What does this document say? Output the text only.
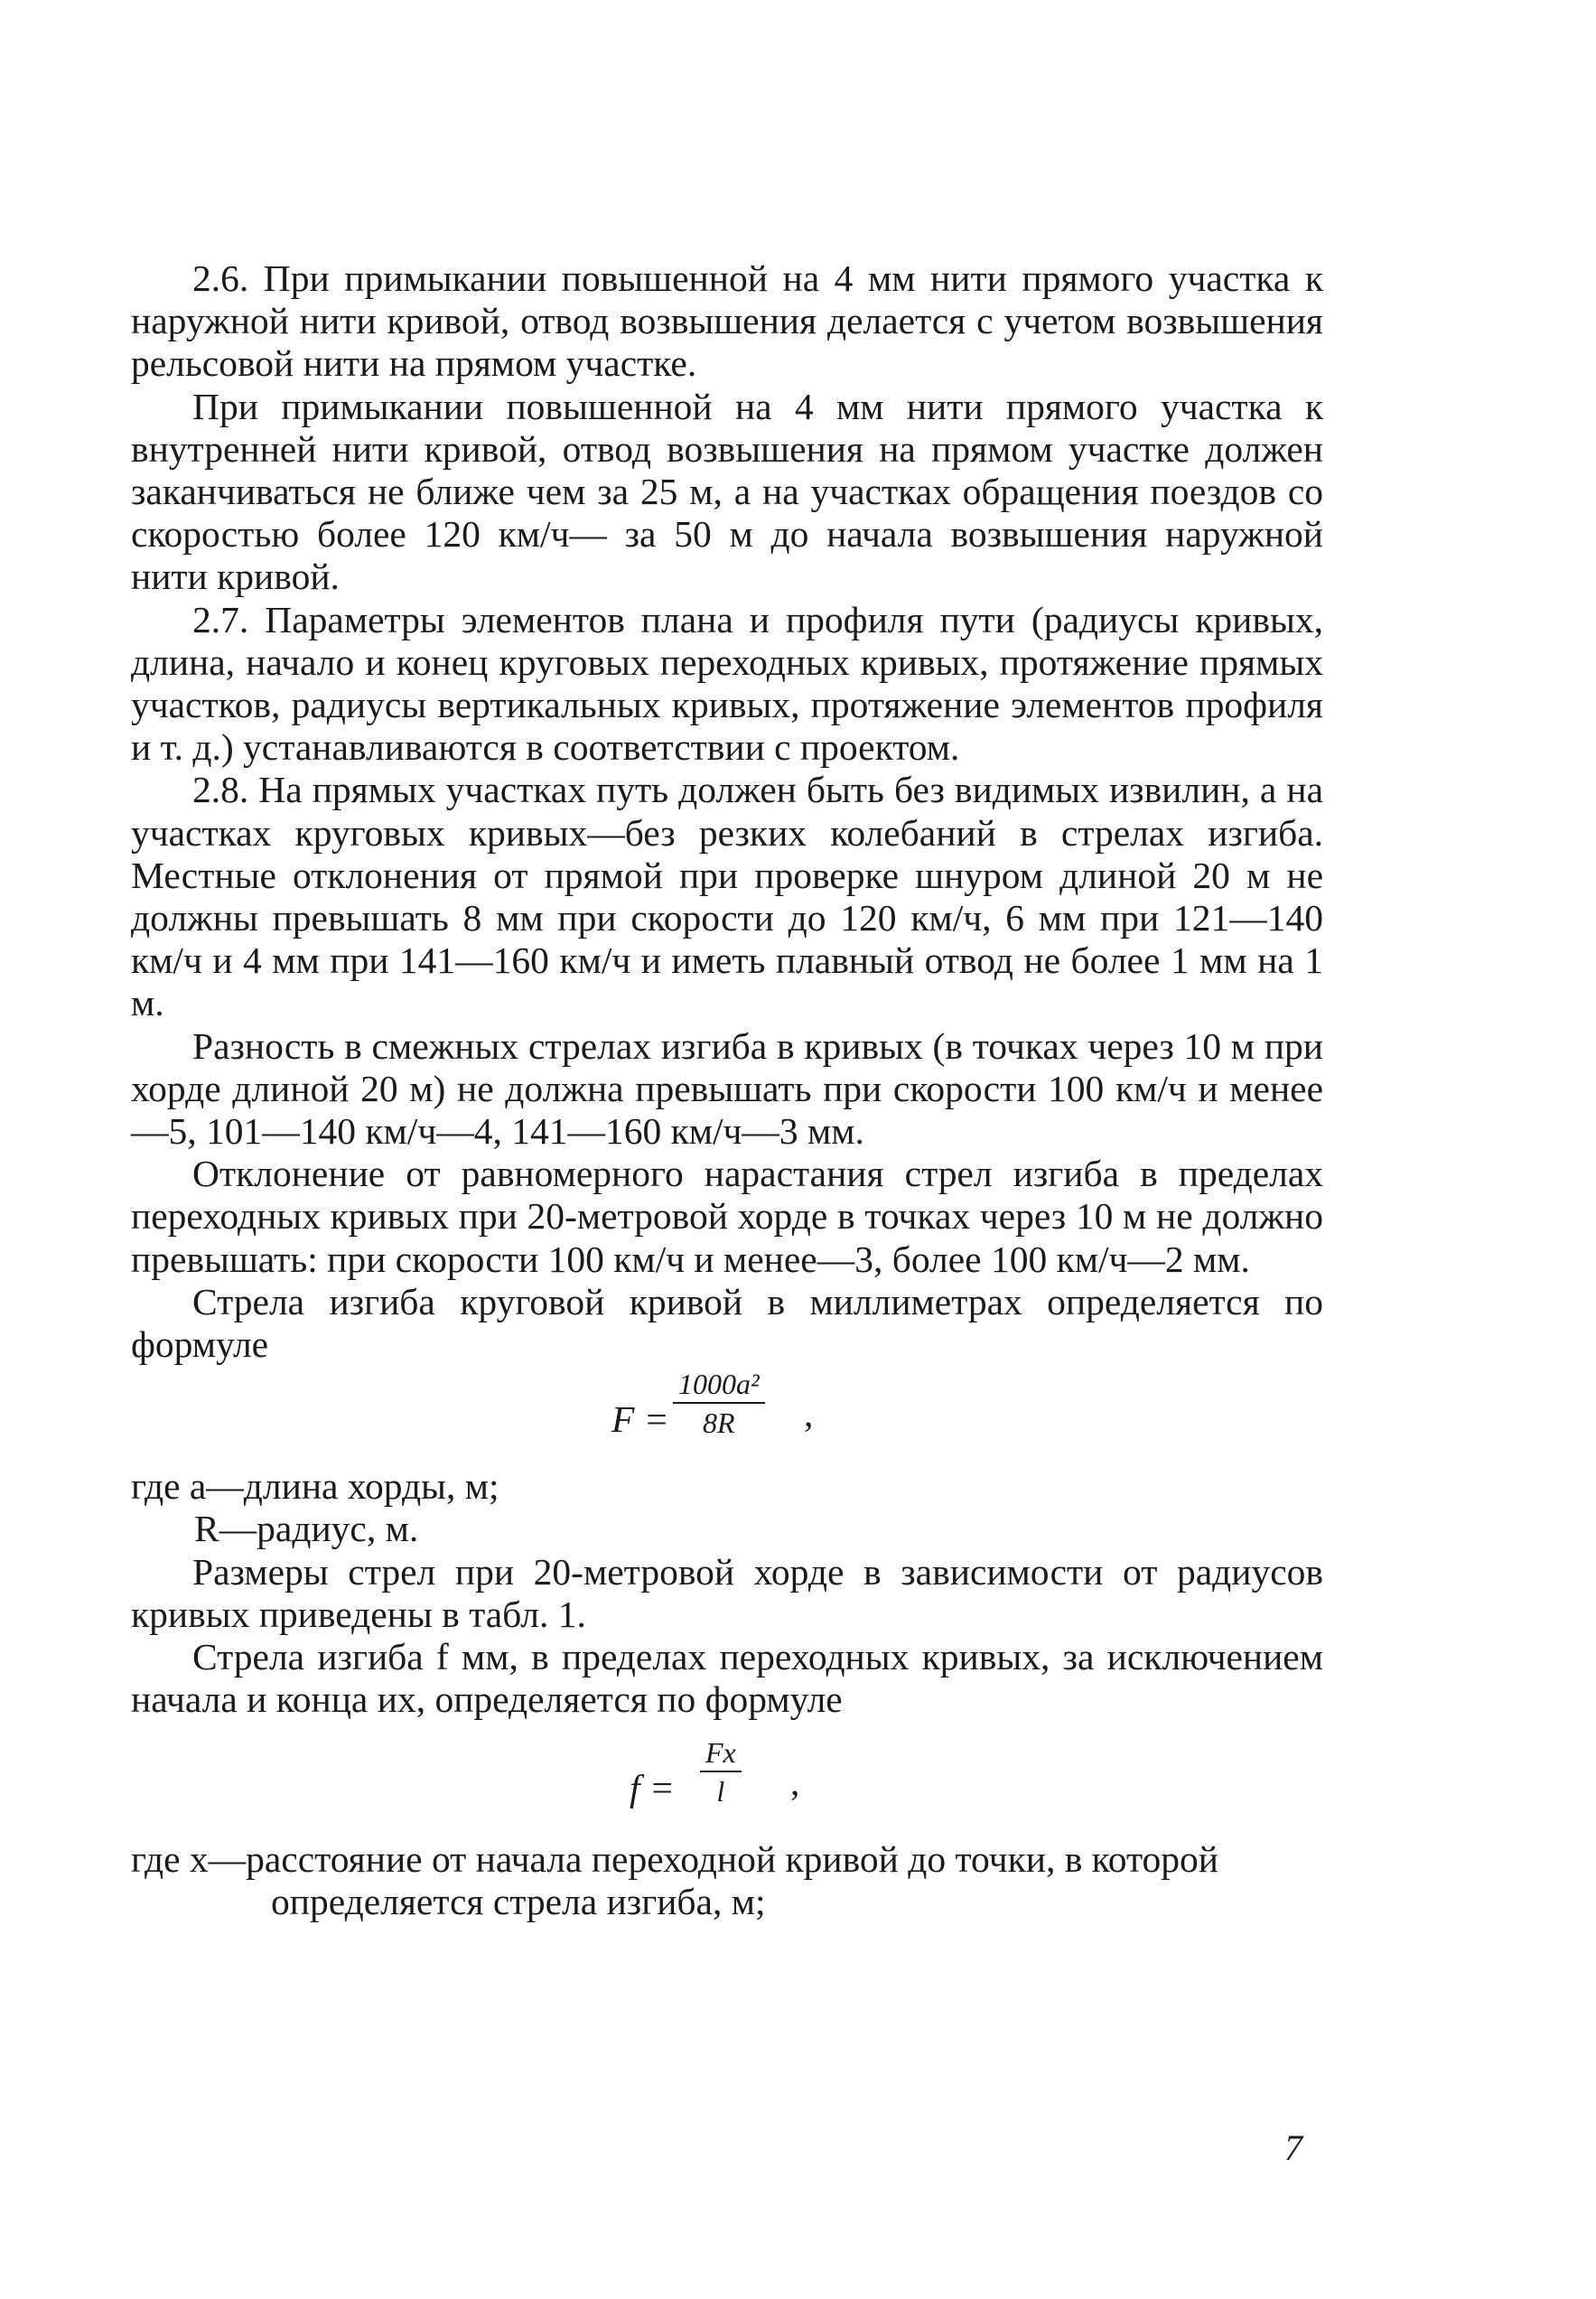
2.6. При примыкании повышенной на 4 мм нити прямого участка к наружной нити кривой, отвод возвышения делается с учетом возвышения рельсовой нити на прямом участке.

При примыкании повышенной на 4 мм нити прямого участка к внутренней нити кривой, отвод возвышения на прямом участке должен заканчиваться не ближе чем за 25 м, а на участках обращения поездов со скоростью более 120 км/ч— за 50 м до начала возвышения наружной нити кривой.

2.7. Параметры элементов плана и профиля пути (радиусы кривых, длина, начало и конец круговых переходных кривых, протяжение прямых участков, радиусы вертикальных кривых, протяжение элементов профиля и т. д.) устанавливаются в соответствии с проектом.

2.8. На прямых участках путь должен быть без видимых извилин, а на участках круговых кривых—без резких колебаний в стрелах изгиба. Местные отклонения от прямой при проверке шнуром длиной 20 м не должны превышать 8 мм при скорости до 120 км/ч, 6 мм при 121—140 км/ч и 4 мм при 141—160 км/ч и иметь плавный отвод не более 1 мм на 1 м.

Разность в смежных стрелах изгиба в кривых (в точках через 10 м при хорде длиной 20 м) не должна превышать при скорости 100 км/ч и менее—5, 101—140 км/ч—4, 141—160 км/ч—3 мм.

Отклонение от равномерного нарастания стрел изгиба в пределах переходных кривых при 20-метровой хорде в точках через 10 м не должно превышать: при скорости 100 км/ч и менее—3, более 100 км/ч—2 мм.

Стрела изгиба круговой кривой в миллиметрах определяется по формуле

$F = \frac{\text{1000a²}}{8R}$ ,

где a—длина хорды, м;

R—радиус, м.

Размеры стрел при 20-метровой хорде в зависимости от радиусов кривых приведены в табл. 1.

Стрела изгиба f мм, в пределах переходных кривых, за исключением начала и конца их, определяется по формуле

$f = \frac{Fx}{l}$ ,

где x—расстояние от начала переходной кривой до точки, в которой определяется стрела изгиба, м;

7
